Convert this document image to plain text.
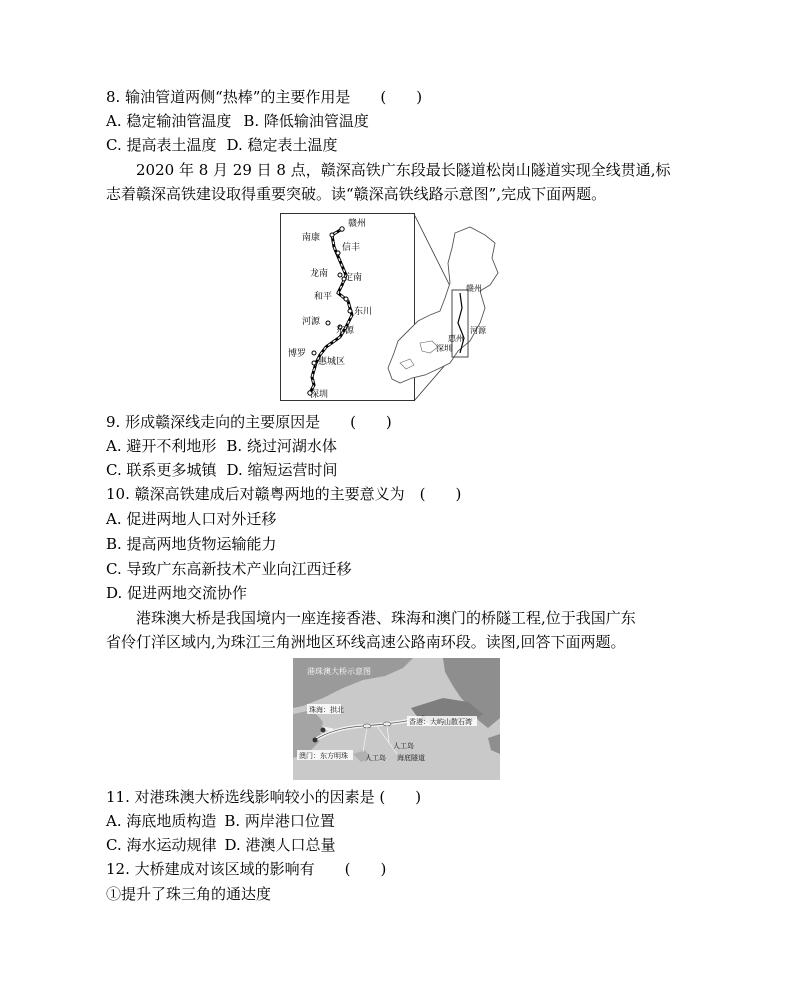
8. 输油管道两侧“热棒”的主要作用是　　(　　)
A. 稳定输油管温度 B. 降低输油管温度
C. 提高表土温度 D. 稳定表土温度
2020 年 8 月 29 日 8 点，赣深高铁广东段最长隧道松岗山隧道实现全线贯通,标
志着赣深高铁建设取得重要突破。读“赣深高铁线路示意图”,完成下面两题。
赣州
河源
惠州
深圳
赣州
南康
信丰
龙南 定南
和平
东川
河源
东源
博罗
惠城区
深圳
9. 形成赣深线走向的主要原因是　　(　　)
A. 避开不利地形 B. 绕过河湖水体
C. 联系更多城镇 D. 缩短运营时间
10. 赣深高铁建成后对赣粤两地的主要意义为　(　　)
A. 促进两地人口对外迁移
B. 提高两地货物运输能力
C. 导致广东高新技术产业向江西迁移
D. 促进两地交流协作
港珠澳大桥是我国境内一座连接香港、珠海和澳门的桥隧工程,位于我国广东
省伶仃洋区域内,为珠江三角洲地区环线高速公路南环段。读图,回答下面两题。
港珠澳大桥示意图
珠海：拱北
香港：大屿山散石湾
澳门：东方明珠
人工岛
人工岛 海底隧道
11. 对港珠澳大桥选线影响较小的因素是 (　　)
A. 海底地质构造 B. 两岸港口位置
C. 海水运动规律 D. 港澳人口总量
12. 大桥建成对该区域的影响有　　(　　)
①提升了珠三角的通达度
